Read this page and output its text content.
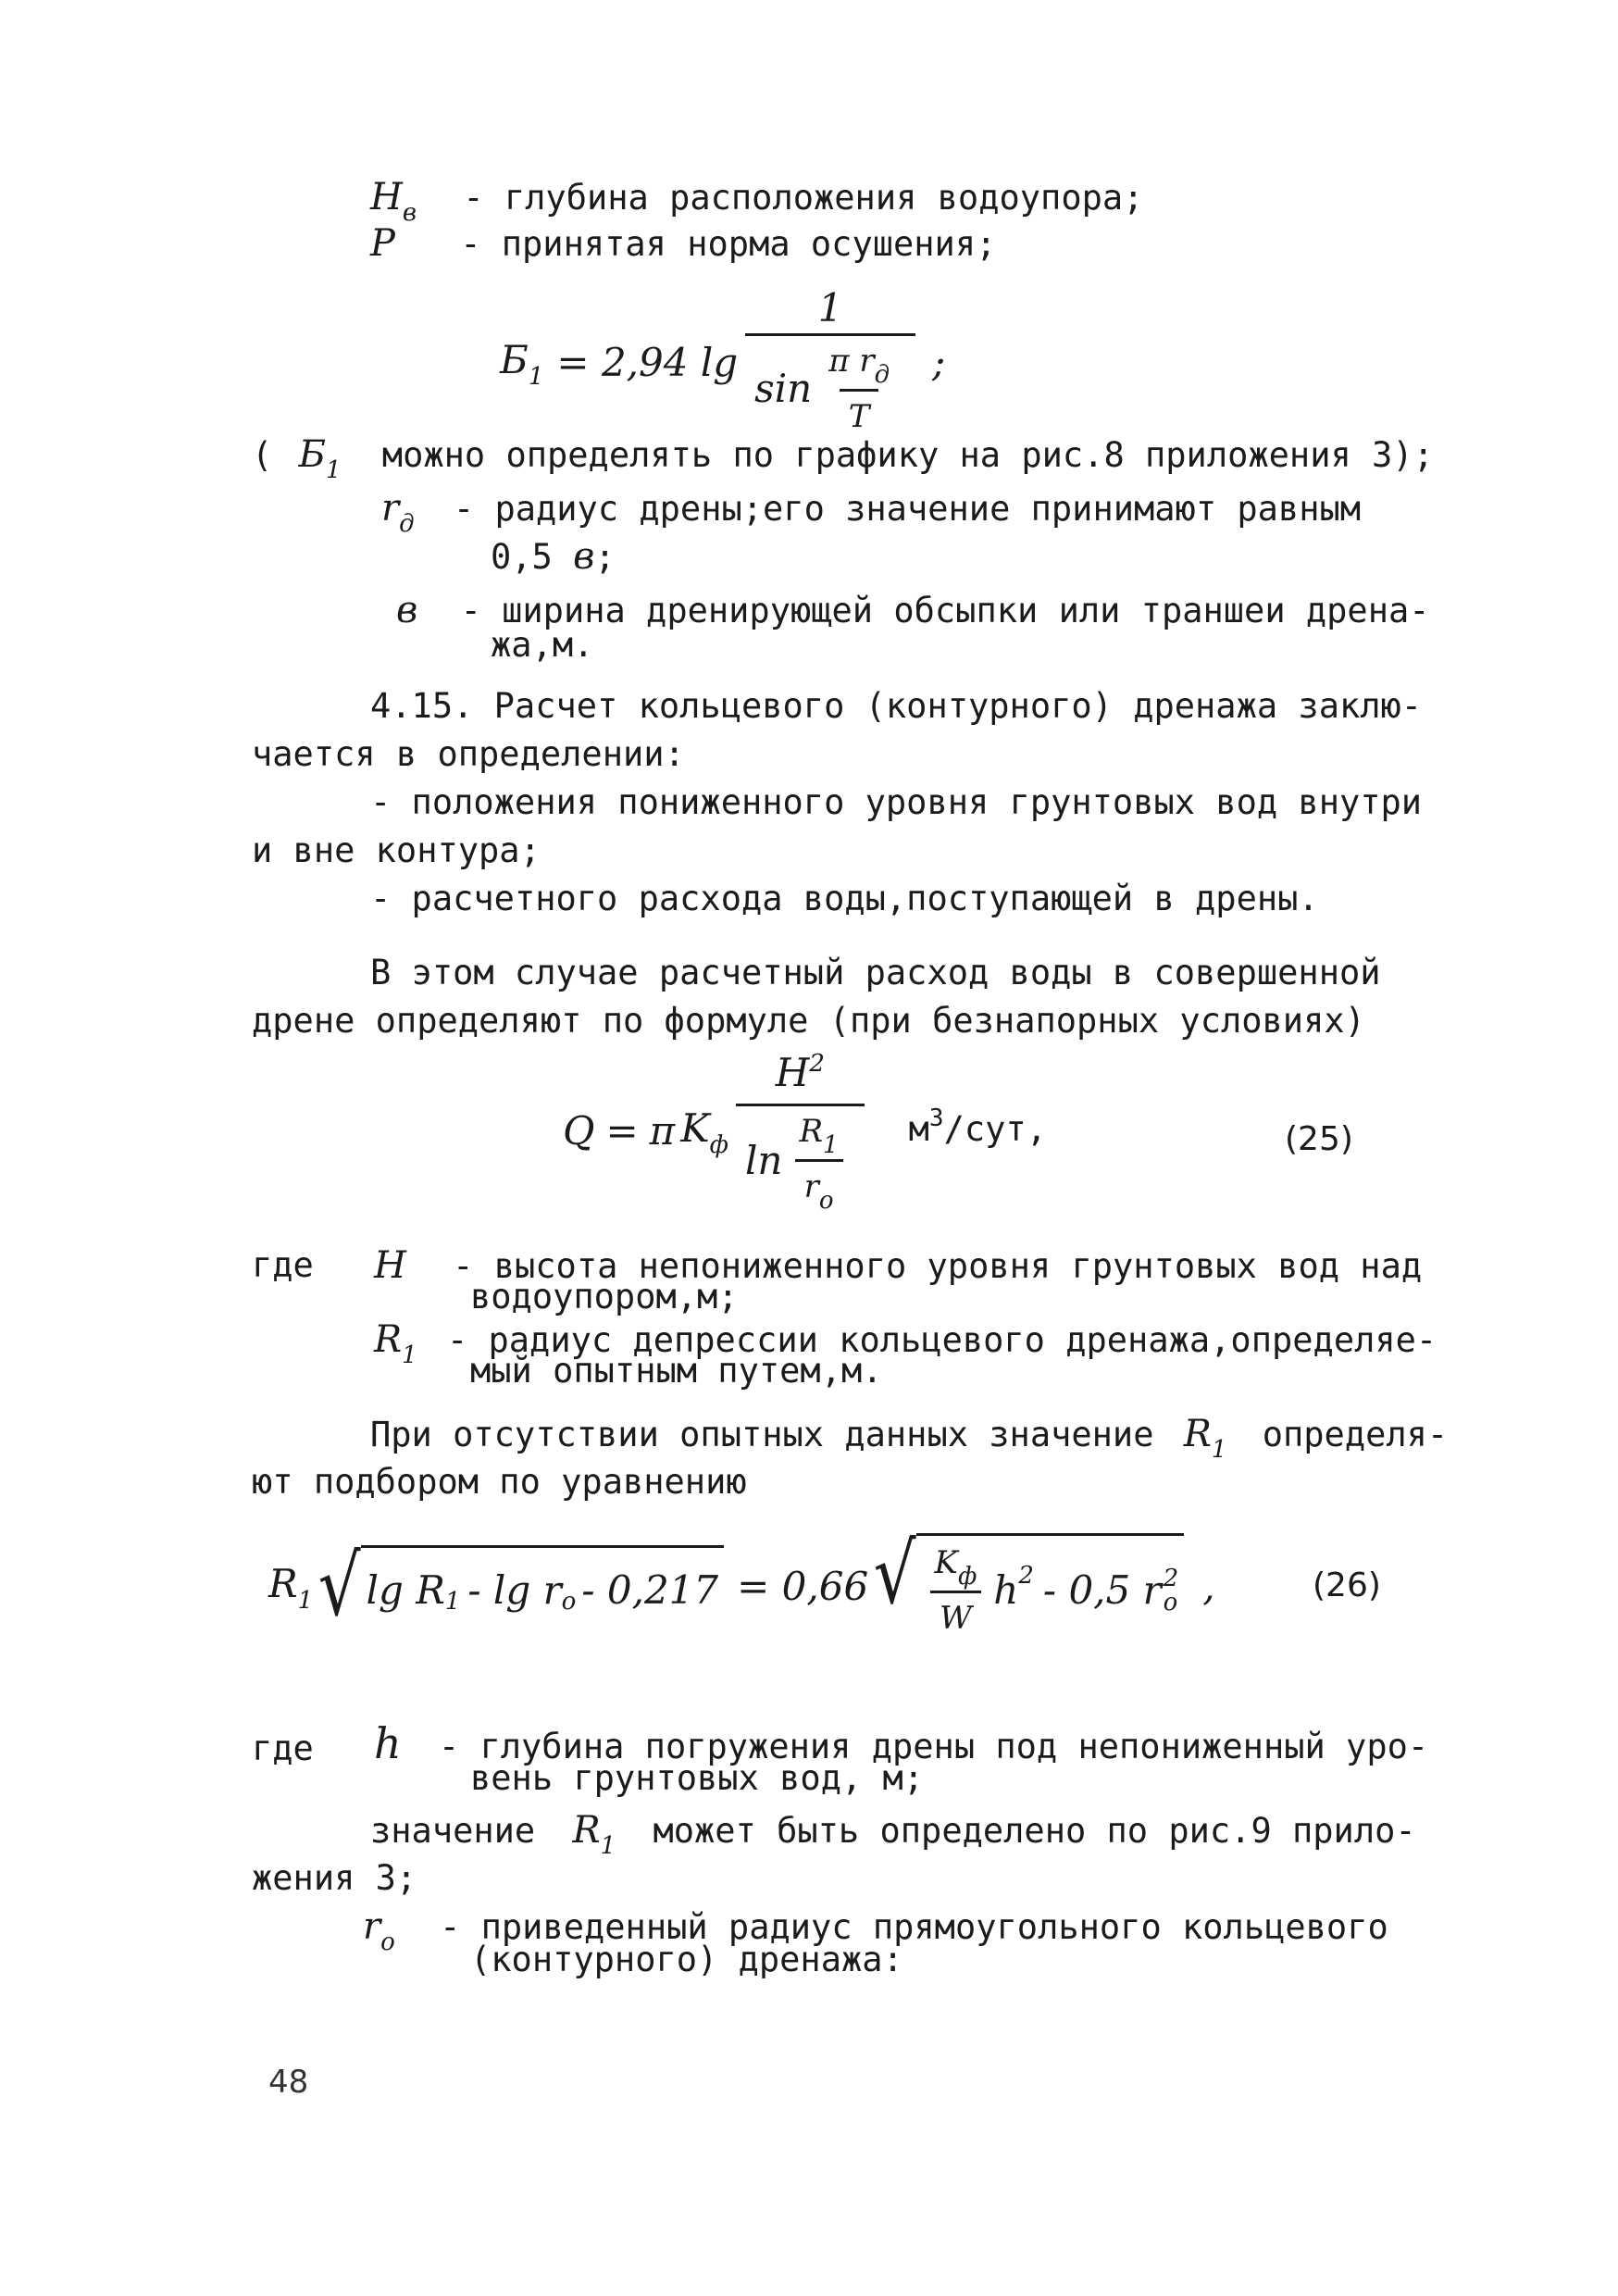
$H_в$ - глубина расположения водоупора;
P - принятая норма осушения;
$Б_1 = 2,94$ $\lg \frac{1}{\sin \frac{\pi r_д}{T}}$ ;
( $Б_1$ можно определять по графику на рис.8 приложения 3);
$r_д$ - радиус дрены;его значение принимают равным
0,5 в;
в - ширина дренирующей обсыпки или траншеи дрена-
жа,м.
4.15. Расчет кольцевого (контурного) дренажа заклю-
чается в определении:
- положения пониженного уровня грунтовых вод внутри
и вне контура;
- расчетного расхода воды,поступающей в дрены.
В этом случае расчетный расход воды в совершенной
дрене определяют по формуле (при безнапорных условиях)
Q = π $K_ф \frac{H^2}{\ln \frac{R_1}{r_o}} м^3/сут$,	(25)
где H - высота непониженного уровня грунтовых вод над
водоупором,м;
$R_1$ - радиус депрессии кольцевого дренажа,определяе-
мый опытным путем,м.
При отсутствии опытных данных значение $R_1$ определя-
ют подбором по уравнению
$R_1$ √ lg R 1 - lg r o - 0,217 = 0,66 √ $\frac{K_ф}{W}$ h 2 - 0,5 r 2
o ,	(26)
где h - глубина погружения дрены под непониженный уро-
вень грунтовых вод, м;
значение $R_1$ может быть определено по рис.9 прило-
жения 3;
$r_o$ - приведенный радиус прямоугольного кольцевого
(контурного) дренажа:
48
